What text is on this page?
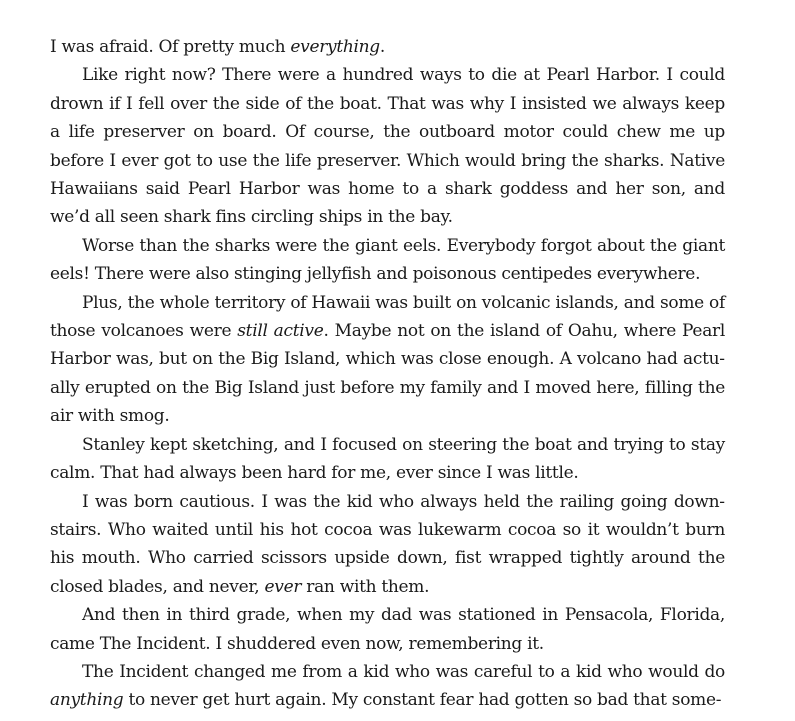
I was afraid. Of pretty much everything.

Like right now? There were a hundred ways to die at Pearl Harbor. I could drown if I fell over the side of the boat. That was why I insisted we always keep a life preserver on board. Of course, the outboard motor could chew me up before I ever got to use the life preserver. Which would bring the sharks. Native Hawaiians said Pearl Harbor was home to a shark goddess and her son, and we’d all seen shark fins circling ships in the bay.

Worse than the sharks were the giant eels. Everybody forgot about the giant eels! There were also stinging jellyfish and poisonous centipedes everywhere.

Plus, the whole territory of Hawaii was built on volcanic islands, and some of those volcanoes were still active. Maybe not on the island of Oahu, where Pearl Harbor was, but on the Big Island, which was close enough. A volcano had actually erupted on the Big Island just before my family and I moved here, filling the air with smog.

Stanley kept sketching, and I focused on steering the boat and trying to stay calm. That had always been hard for me, ever since I was little.

I was born cautious. I was the kid who always held the railing going downstairs. Who waited until his hot cocoa was lukewarm cocoa so it wouldn’t burn his mouth. Who carried scissors upside down, fist wrapped tightly around the closed blades, and never, ever ran with them.

And then in third grade, when my dad was stationed in Pensacola, Florida, came The Incident. I shuddered even now, remembering it.

The Incident changed me from a kid who was careful to a kid who would do anything to never get hurt again. My constant fear had gotten so bad that some-
